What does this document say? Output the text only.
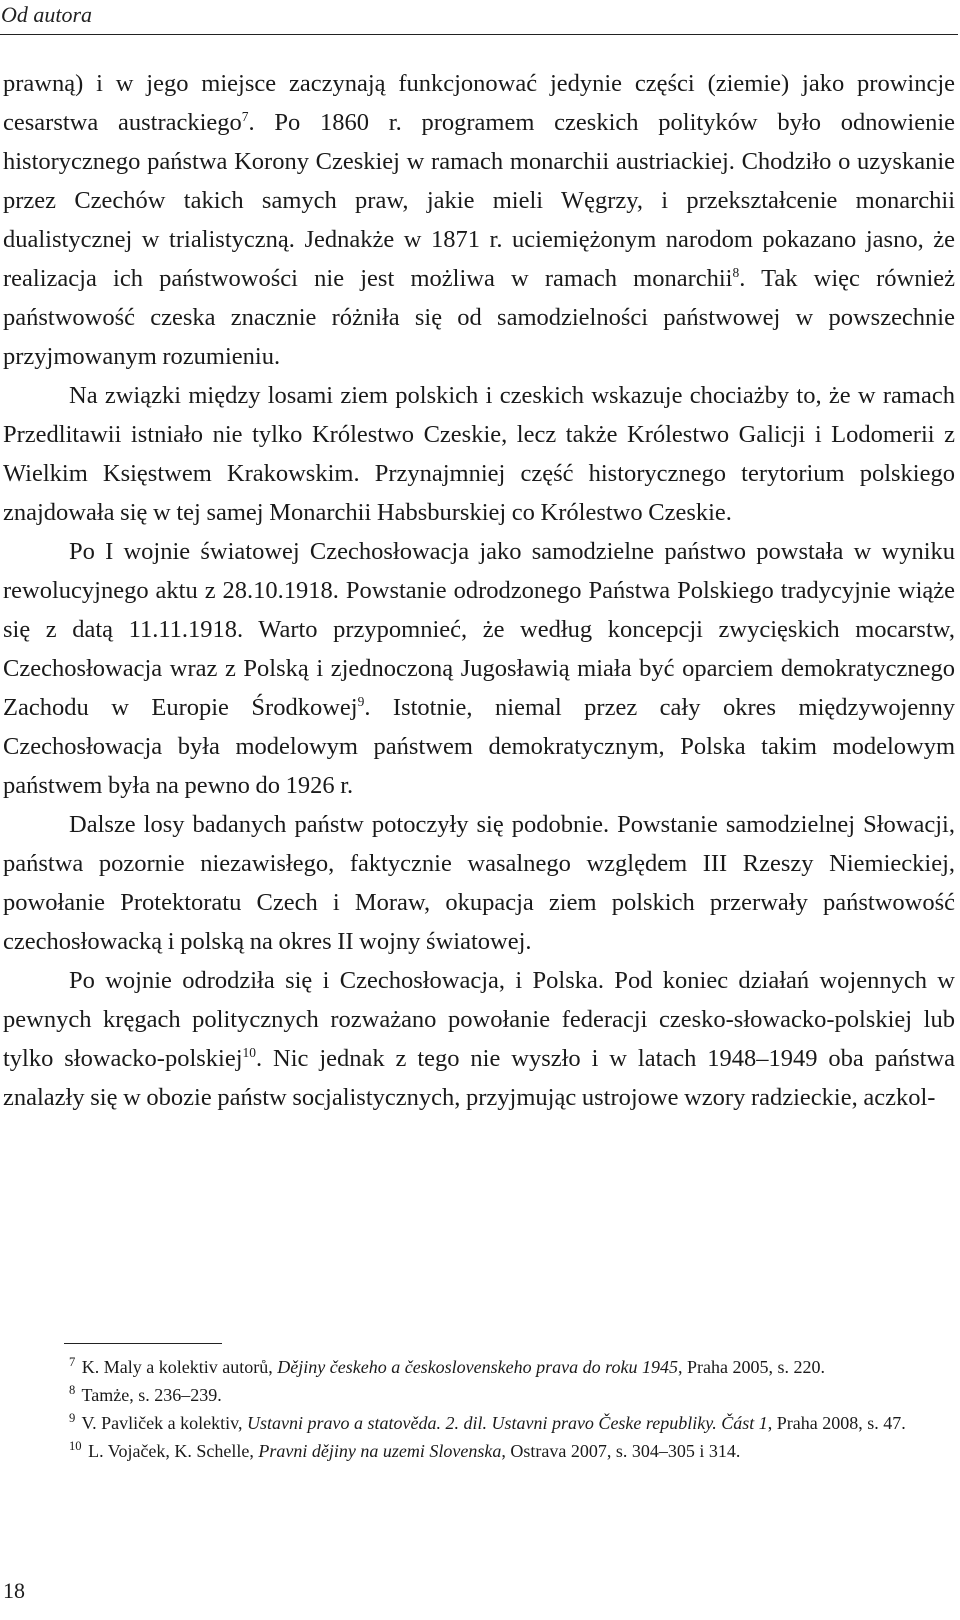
Od autora

prawną) i w jego miejsce zaczynają funkcjonować jedynie części (ziemie) jako prowincje cesarstwa austrackiego$^7$. Po 1860 r. programem czeskich polityków było odnowienie historycznego państwa Korony Czeskiej w ramach monarchii austriackiej. Chodziło o uzyskanie przez Czechów takich samych praw, jakie mieli Węgrzy, i przekształcenie monarchii dualistycznej w trialistyczną. Jednakże w 1871 r. uciemiężonym narodom pokazano jasno, że realizacja ich państwowości nie jest możliwa w ramach monarchii$^8$. Tak więc również państwowość czeska znacznie różniła się od samodzielności państwowej w powszechnie przyjmowanym rozumieniu.

Na związki między losami ziem polskich i czeskich wskazuje chociażby to, że w ramach Przedlitawii istniało nie tylko Królestwo Czeskie, lecz także Królestwo Galicji i Lodomerii z Wielkim Księstwem Krakowskim. Przynajmniej część historycznego terytorium polskiego znajdowała się w tej samej Monarchii Habsburskiej co Królestwo Czeskie.

Po I wojnie światowej Czechosłowacja jako samodzielne państwo powstała w wyniku rewolucyjnego aktu z 28.10.1918. Powstanie odrodzonego Państwa Polskiego tradycyjnie wiąże się z datą 11.11.1918. Warto przypomnieć, że według koncepcji zwycięskich mocarstw, Czechosłowacja wraz z Polską i zjednoczoną Jugosławią miała być oparciem demokratycznego Zachodu w Europie Środkowej$^9$. Istotnie, niemal przez cały okres międzywojenny Czechosłowacja była modelowym państwem demokratycznym, Polska takim modelowym państwem była na pewno do 1926 r.

Dalsze losy badanych państw potoczyły się podobnie. Powstanie samodzielnej Słowacji, państwa pozornie niezawisłego, faktycznie wasalnego względem III Rzeszy Niemieckiej, powołanie Protektoratu Czech i Moraw, okupacja ziem polskich przerwały państwowość czechosłowacką i polską na okres II wojny światowej.

Po wojnie odrodziła się i Czechosłowacja, i Polska. Pod koniec działań wojennych w pewnych kręgach politycznych rozważano powołanie federacji czesko-słowacko-polskiej lub tylko słowacko-polskiej$^{10}$. Nic jednak z tego nie wyszło i w latach 1948–1949 oba państwa znalazły się w obozie państw socjalistycznych, przyjmując ustrojowe wzory radzieckie, aczkol-

$^7$ K. Maly a kolektiv autorů, Dějiny českeho a československeho prava do roku 1945, Praha 2005, s. 220.

$^8$ Tamże, s. 236–239.

$^9$ V. Pavliček a kolektiv, Ustavni pravo a statověda. 2. dil. Ustavni pravo Česke republiky. Část 1, Praha 2008, s. 47.

$^{10}$ L. Vojaček, K. Schelle, Pravni dějiny na uzemi Slovenska, Ostrava 2007, s. 304–305 i 314.

18
